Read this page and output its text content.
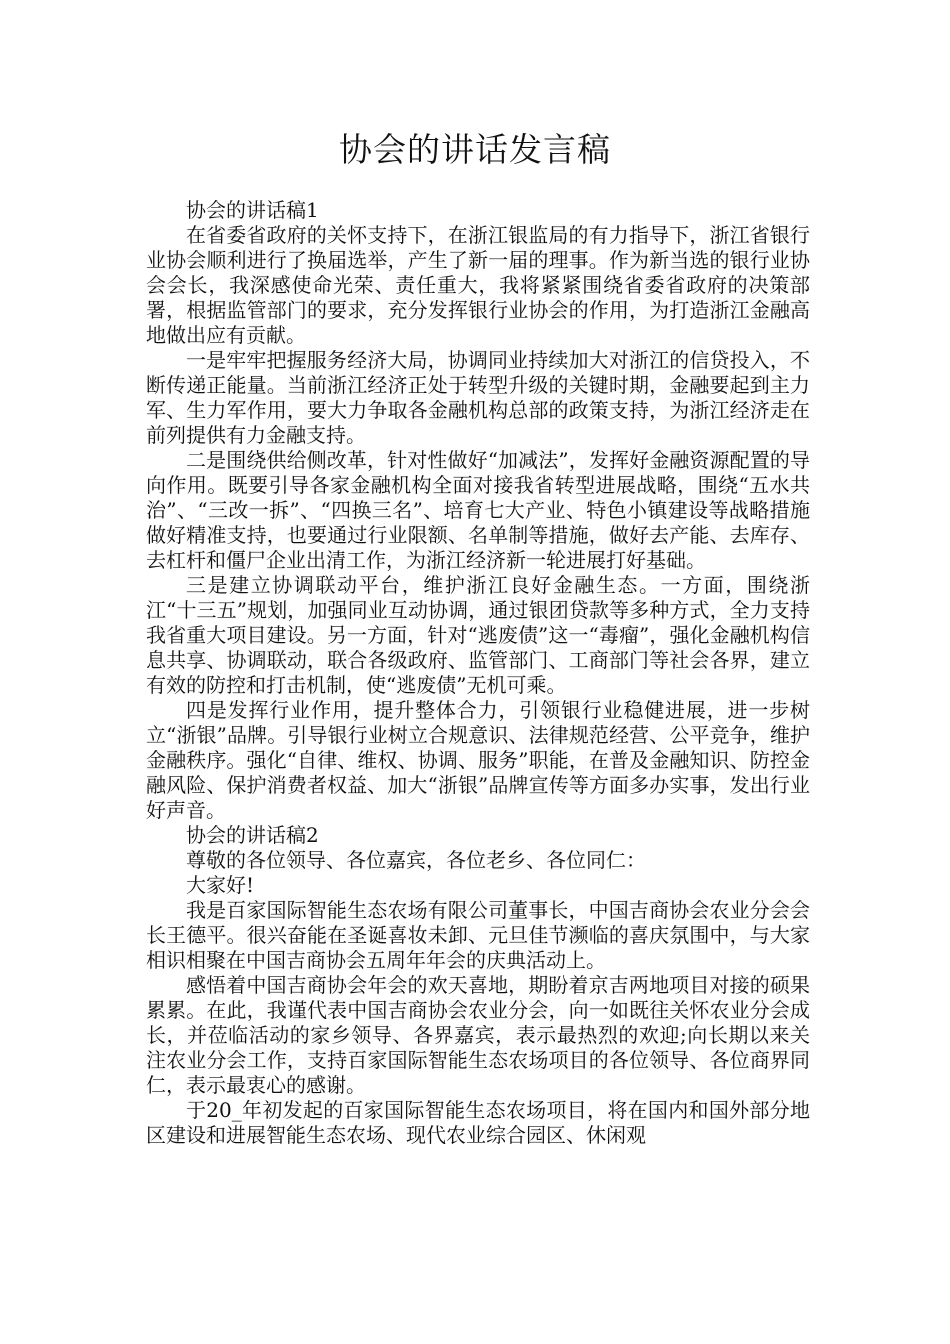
协会的讲话发言稿

协会的讲话稿1

在省委省政府的关怀支持下，在浙江银监局的有力指导下，浙江省银行业协会顺利进行了换届选举，产生了新一届的理事。作为新当选的银行业协会会长，我深感使命光荣、责任重大，我将紧紧围绕省委省政府的决策部署，根据监管部门的要求，充分发挥银行业协会的作用，为打造浙江金融高地做出应有贡献。

一是牢牢把握服务经济大局，协调同业持续加大对浙江的信贷投入，不断传递正能量。当前浙江经济正处于转型升级的关键时期，金融要起到主力军、生力军作用，要大力争取各金融机构总部的政策支持，为浙江经济走在前列提供有力金融支持。

二是围绕供给侧改革，针对性做好“加减法”，发挥好金融资源配置的导向作用。既要引导各家金融机构全面对接我省转型进展战略，围绕“五水共治”、“三改一拆”、“四换三名”、培育七大产业、特色小镇建设等战略措施做好精准支持，也要通过行业限额、名单制等措施，做好去产能、去库存、去杠杆和僵尸企业出清工作，为浙江经济新一轮进展打好基础。

三是建立协调联动平台，维护浙江良好金融生态。一方面，围绕浙江“十三五”规划，加强同业互动协调，通过银团贷款等多种方式，全力支持我省重大项目建设。另一方面，针对“逃废债”这一“毒瘤”，强化金融机构信息共享、协调联动，联合各级政府、监管部门、工商部门等社会各界，建立有效的防控和打击机制，使“逃废债”无机可乘。

四是发挥行业作用，提升整体合力，引领银行业稳健进展，进一步树立“浙银”品牌。引导银行业树立合规意识、法律规范经营、公平竞争，维护金融秩序。强化“自律、维权、协调、服务”职能，在普及金融知识、防控金融风险、保护消费者权益、加大“浙银”品牌宣传等方面多办实事，发出行业好声音。

协会的讲话稿2

尊敬的各位领导、各位嘉宾，各位老乡、各位同仁：

大家好!

我是百家国际智能生态农场有限公司董事长，中国吉商协会农业分会会长王德平。很兴奋能在圣诞喜妆未卸、元旦佳节濒临的喜庆氛围中，与大家相识相聚在中国吉商协会五周年年会的庆典活动上。

感悟着中国吉商协会年会的欢天喜地，期盼着京吉两地项目对接的硕果累累。在此，我谨代表中国吉商协会农业分会，向一如既往关怀农业分会成长，并莅临活动的家乡领导、各界嘉宾，表示最热烈的欢迎;向长期以来关注农业分会工作，支持百家国际智能生态农场项目的各位领导、各位商界同仁，表示最衷心的感谢。

于20_年初发起的百家国际智能生态农场项目，将在国内和国外部分地区建设和进展智能生态农场、现代农业综合园区、休闲观
